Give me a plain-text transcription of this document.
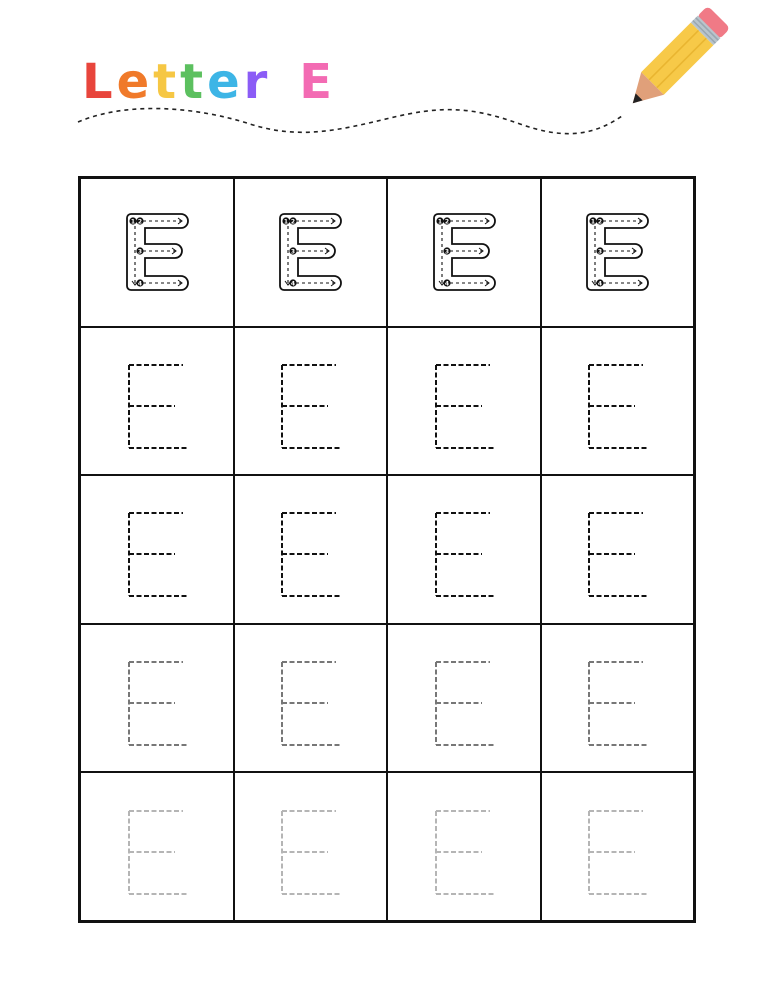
L e t t e r E
1 2
3
4
1 2
3
4
1 2
3
4
1 2
3
4
